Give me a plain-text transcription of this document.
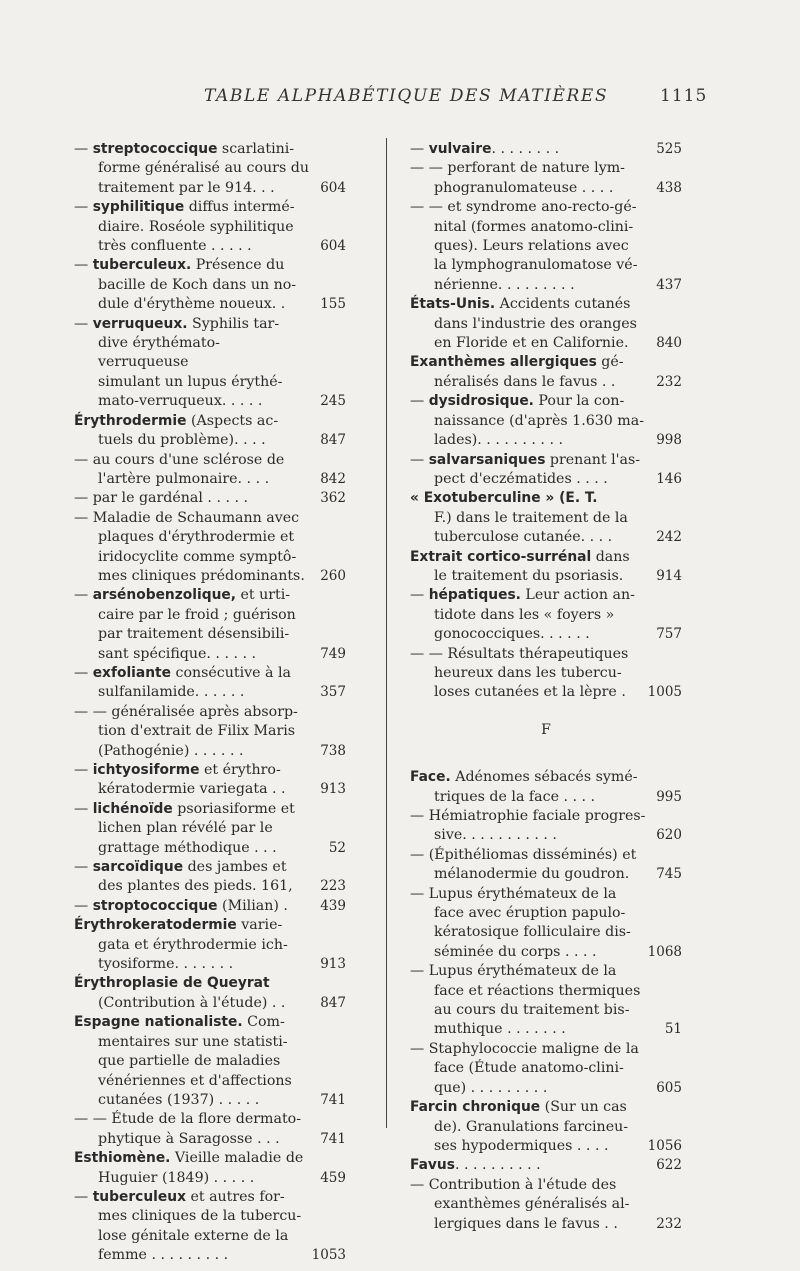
TABLE ALPHABÉTIQUE DES MATIÈRES	1115
— streptococcique scarlatini-
forme généralisé au cours du
traitement par le 914. . .	604
— syphilitique diffus intermé-
diaire. Roséole syphilitique
très confluente . . . . .	604
— tuberculeux. Présence du
bacille de Koch dans un no-
dule d'érythème noueux. .	155
— verruqueux. Syphilis tar-
dive érythémato-verruqueuse
simulant un lupus érythé-
mato-verruqueux. . . . .	245
Érythrodermie (Aspects ac-
tuels du problème). . . .	847
— au cours d'une sclérose de
l'artère pulmonaire. . . .	842
— par le gardénal . . . . .	362
— Maladie de Schaumann avec
plaques d'érythrodermie et
iridocyclite comme symptô-
mes cliniques prédominants.	260
— arsénobenzolique, et urti-
caire par le froid ; guérison
par traitement désensibili-
sant spécifique. . . . . .	749
— exfoliante consécutive à la
sulfanilamide. . . . . .	357
— — généralisée après absorp-
tion d'extrait de Filix Maris
(Pathogénie) . . . . . .	738
— ichtyosiforme et érythro-
kératodermie variegata . .	913
— lichénoïde psoriasiforme et
lichen plan révélé par le
grattage méthodique . . .	52
— sarcoïdique des jambes et
des plantes des pieds. 161,	223
— stroptococcique (Milian) .	439
Érythrokeratodermie varie-
gata et érythrodermie ich-
tyosiforme. . . . . . .	913
Érythroplasie de Queyrat
(Contribution à l'étude) . .	847
Espagne nationaliste. Com-
mentaires sur une statisti-
que partielle de maladies
vénériennes et d'affections
cutanées (1937) . . . . .	741
— — Étude de la flore dermato-
phytique à Saragosse . . .	741
Esthiomène. Vieille maladie de
Huguier (1849) . . . . .	459
— tuberculeux et autres for-
mes cliniques de la tubercu-
lose génitale externe de la
femme . . . . . . . . .	1053
— vulvaire. . . . . . . .	525
— — perforant de nature lym-
phogranulomateuse . . . .	438
— — et syndrome ano-recto-gé-
nital (formes anatomo-clini-
ques). Leurs relations avec
la lymphogranulomatose vé-
nérienne. . . . . . . . .	437
États-Unis. Accidents cutanés
dans l'industrie des oranges
en Floride et en Californie.	840
Exanthèmes allergiques gé-
néralisés dans le favus . .	232
— dysidrosique. Pour la con-
naissance (d'après 1.630 ma-
lades). . . . . . . . . .	998
— salvarsaniques prenant l'as-
pect d'eczématides . . . .	146
« Exotuberculine » (E. T.
F.) dans le traitement de la
tuberculose cutanée. . . .	242
Extrait cortico-surrénal dans
le traitement du psoriasis.	914
— hépatiques. Leur action an-
tidote dans les « foyers »
gonococciques. . . . . .	757
— — Résultats thérapeutiques
heureux dans les tubercu-
loses cutanées et la lèpre .	1005
F
Face. Adénomes sébacés symé-
triques de la face . . . .	995
— Hémiatrophie faciale progres-
sive. . . . . . . . . . .	620
— (Épithéliomas disséminés) et
mélanodermie du goudron.	745
— Lupus érythémateux de la
face avec éruption papulo-
kératosique folliculaire dis-
séminée du corps . . . .	1068
— Lupus érythémateux de la
face et réactions thermiques
au cours du traitement bis-
muthique . . . . . . .	51
— Staphylococcie maligne de la
face (Étude anatomo-clini-
que) . . . . . . . . .	605
Farcin chronique (Sur un cas
de). Granulations farcineu-
ses hypodermiques . . . .	1056
Favus. . . . . . . . . .	622
— Contribution à l'étude des
exanthèmes généralisés al-
lergiques dans le favus . .	232
